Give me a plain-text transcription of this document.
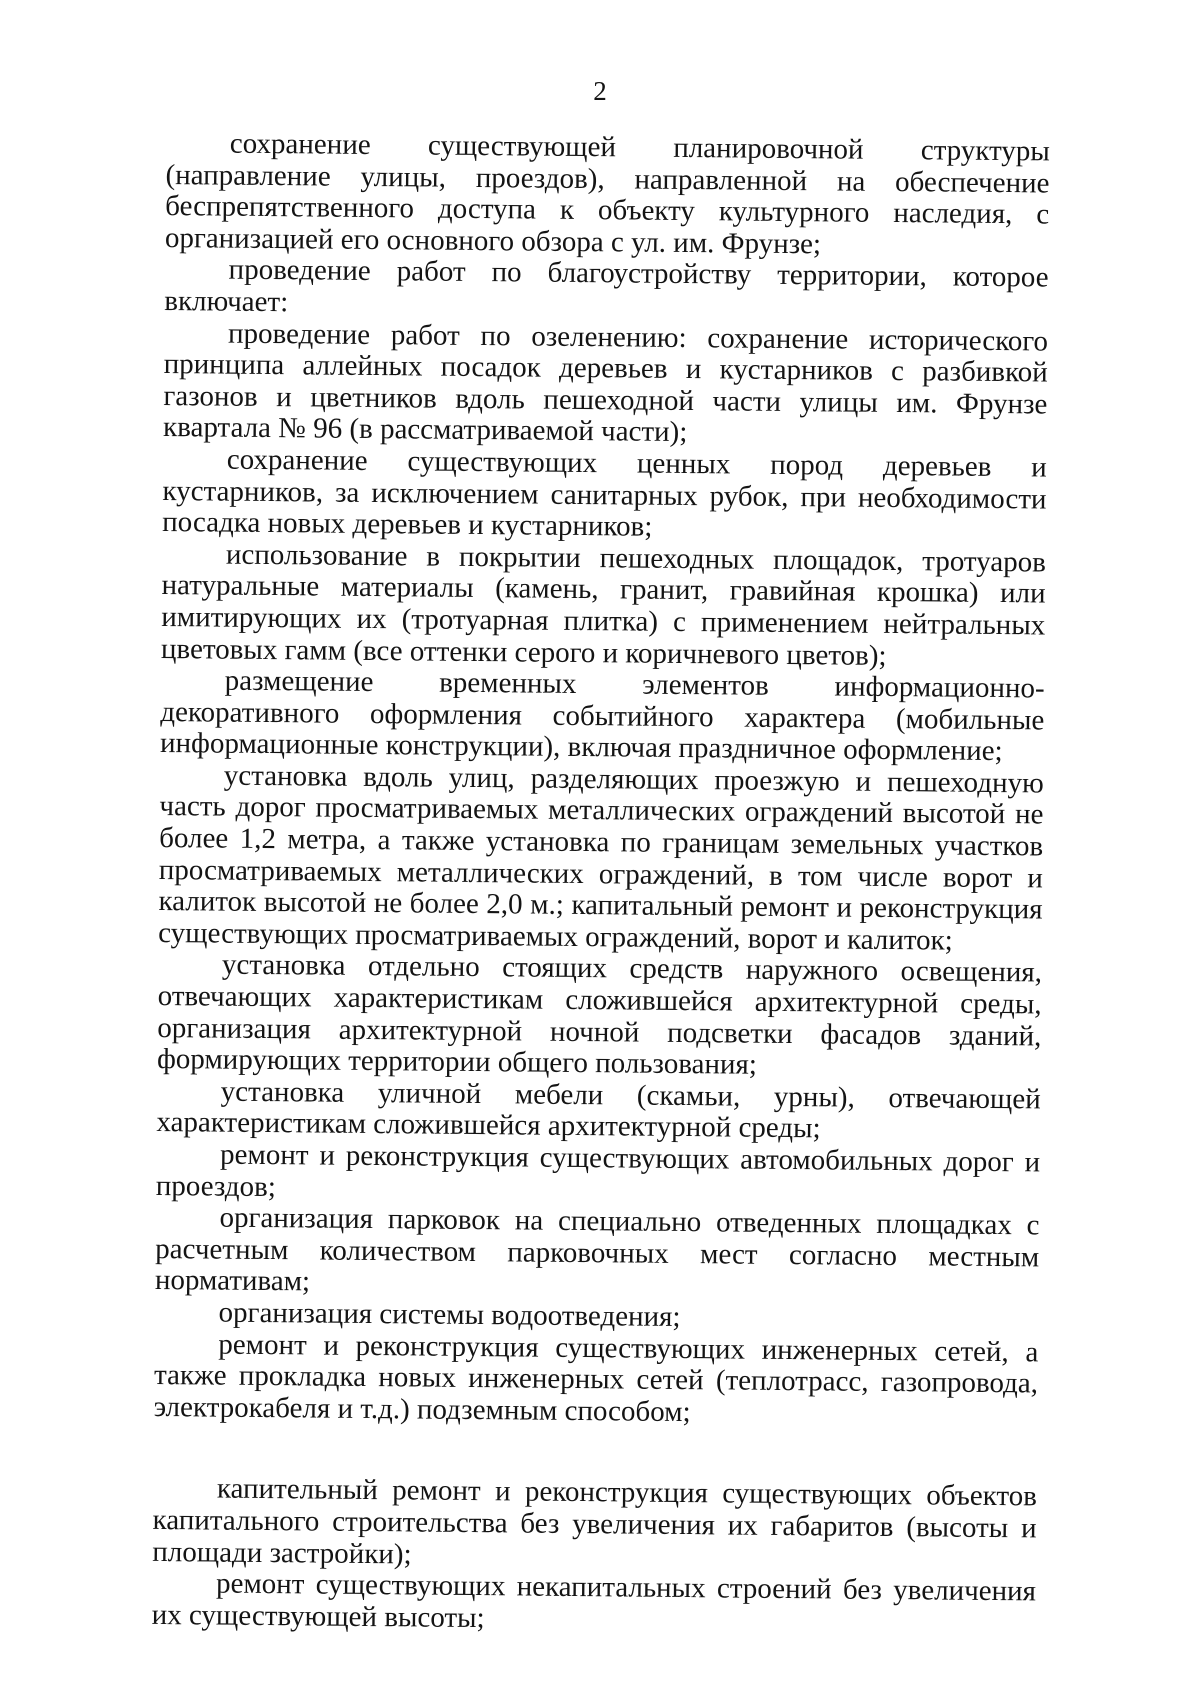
2

сохранение существующей планировочной структуры (направление улицы, проездов), направленной на обеспечение беспрепятственного доступа к объекту культурного наследия, с организацией его основного обзора с ул. им. Фрунзе;

проведение работ по благоустройству территории, которое включает:

проведение работ по озеленению: сохранение исторического принципа аллейных посадок деревьев и кустарников с разбивкой газонов и цветников вдоль пешеходной части улицы им. Фрунзе квартала № 96 (в рассматриваемой части);

сохранение существующих ценных пород деревьев и кустарников, за исключением санитарных рубок, при необходимости посадка новых деревьев и кустарников;

использование в покрытии пешеходных площадок, тротуаров натуральные материалы (камень, гранит, гравийная крошка) или имитирующих их (тротуарная плитка) с применением нейтральных цветовых гамм (все оттенки серого и коричневого цветов);

размещение временных элементов информационно-декоративного оформления событийного характера (мобильные информационные конструкции), включая праздничное оформление;

установка вдоль улиц, разделяющих проезжую и пешеходную часть дорог просматриваемых металлических ограждений высотой не более 1,2 метра, а также установка по границам земельных участков просматриваемых металлических ограждений, в том числе ворот и калиток высотой не более 2,0 м.; капитальный ремонт и реконструкция существующих просматриваемых ограждений, ворот и калиток;

установка отдельно стоящих средств наружного освещения, отвечающих характеристикам сложившейся архитектурной среды, организация архитектурной ночной подсветки фасадов зданий, формирующих территории общего пользования;

установка уличной мебели (скамьи, урны), отвечающей характеристикам сложившейся архитектурной среды;

ремонт и реконструкция существующих автомобильных дорог и проездов;

организация парковок на специально отведенных площадках с расчетным количеством парковочных мест согласно местным нормативам;

организация системы водоотведения;

ремонт и реконструкция существующих инженерных сетей, а также прокладка новых инженерных сетей (теплотрасс, газопровода, электрокабеля и т.д.) подземным способом;

капительный ремонт и реконструкция существующих объектов капитального строительства без увеличения их габаритов (высоты и площади застройки);

ремонт существующих некапитальных строений без увеличения их существующей высоты;
